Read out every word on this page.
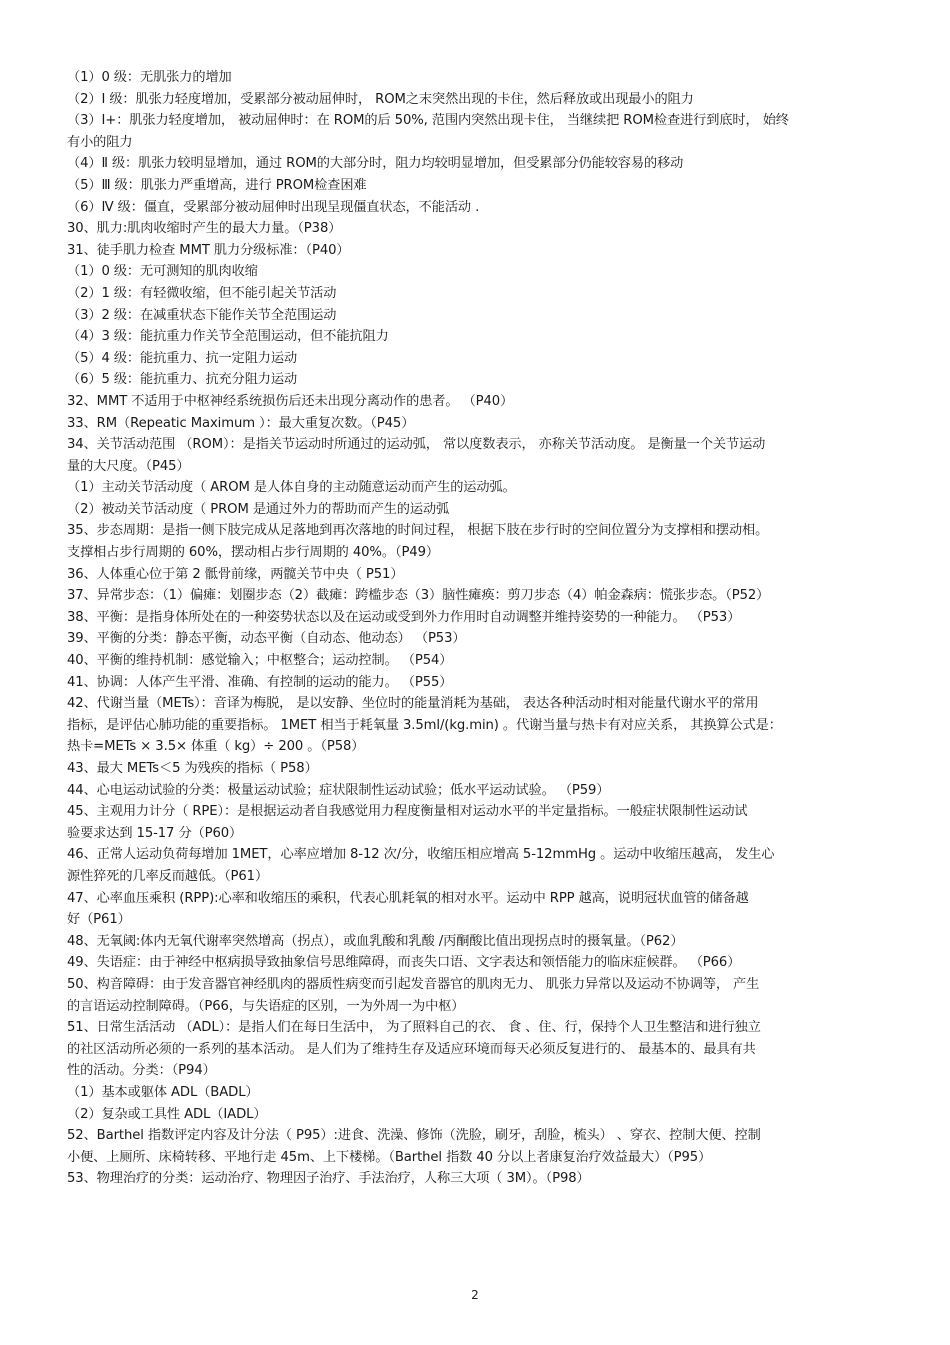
（1）0 级：无肌张力的增加
（2）Ⅰ 级：肌张力轻度增加，受累部分被动屈伸时， ROM之末突然出现的卡住，然后释放或出现最小的阻力
（3）Ⅰ+：肌张力轻度增加， 被动屈伸时：在 ROM的后 50%, 范围内突然出现卡住， 当继续把 ROM检查进行到底时， 始终
有小的阻力
（4）Ⅱ 级：肌张力较明显增加，通过 ROM的大部分时，阻力均较明显增加，但受累部分仍能较容易的移动
（5）Ⅲ 级：肌张力严重增高，进行 PROM检查困难
（6）Ⅳ 级：僵直，受累部分被动屈伸时出现呈现僵直状态，不能活动 .
30、肌力:肌肉收缩时产生的最大力量。（P38）
31、徒手肌力检查 MMT 肌力分级标准：（P40）
（1）0 级：无可测知的肌肉收缩
（2）1 级：有轻微收缩，但不能引起关节活动
（3）2 级：在减重状态下能作关节全范围运动
（4）3 级：能抗重力作关节全范围运动，但不能抗阻力
（5）4 级：能抗重力、抗一定阻力运动
（6）5 级：能抗重力、抗充分阻力运动
32、MMT 不适用于中枢神经系统损伤后还未出现分离动作的患者。 （P40）
33、RM（Repeatic Maximum ）：最大重复次数。（P45）
34、关节活动范围 （ROM）：是指关节运动时所通过的运动弧， 常以度数表示， 亦称关节活动度。 是衡量一个关节运动
量的大尺度。（P45）
（1）主动关节活动度（ AROM 是人体自身的主动随意运动而产生的运动弧。
（2）被动关节活动度（ PROM 是通过外力的帮助而产生的运动弧
35、步态周期：是指一侧下肢完成从足落地到再次落地的时间过程， 根据下肢在步行时的空间位置分为支撑相和摆动相。
支撑相占步行周期的 60%，摆动相占步行周期的 40%。（P49）
36、人体重心位于第 2 骶骨前缘，两髋关节中央（ P51）
37、异常步态：（1）偏瘫：划圈步态（2）截瘫：跨槛步态（3）脑性瘫痪：剪刀步态（4）帕金森病：慌张步态。（P52）
38、平衡：是指身体所处在的一种姿势状态以及在运动或受到外力作用时自动调整并维持姿势的一种能力。 （P53）
39、平衡的分类：静态平衡，动态平衡（自动态、他动态） （P53）
40、平衡的维持机制：感觉输入；中枢整合；运动控制。 （P54）
41、协调：人体产生平滑、准确、有控制的运动的能力。 （P55）
42、代谢当量（METs）：音译为梅脱， 是以安静、坐位时的能量消耗为基础， 表达各种活动时相对能量代谢水平的常用
指标，是评估心肺功能的重要指标。 1MET 相当于耗氧量 3.5ml/(kg.min) 。代谢当量与热卡有对应关系， 其换算公式是：
热卡=METs × 3.5× 体重（ kg）÷ 200 。（P58）
43、最大 METs＜5 为残疾的指标（ P58）
44、心电运动试验的分类：极量运动试验；症状限制性运动试验；低水平运动试验。 （P59）
45、主观用力计分（ RPE）：是根据运动者自我感觉用力程度衡量相对运动水平的半定量指标。一般症状限制性运动试
验要求达到 15-17 分（P60）
46、正常人运动负荷每增加 1MET，心率应增加 8-12 次/分，收缩压相应增高 5-12mmHg 。运动中收缩压越高， 发生心
源性猝死的几率反而越低。（P61）
47、心率血压乘积 (RPP):心率和收缩压的乘积，代表心肌耗氧的相对水平。运动中 RPP 越高，说明冠状血管的储备越
好（P61）
48、无氧阈:体内无氧代谢率突然增高（拐点），或血乳酸和乳酸 /丙酮酸比值出现拐点时的摄氧量。（P62）
49、失语症：由于神经中枢病损导致抽象信号思维障碍，而丧失口语、文字表达和领悟能力的临床症候群。 （P66）
50、构音障碍：由于发音器官神经肌肉的器质性病变而引起发音器官的肌肉无力、 肌张力异常以及运动不协调等， 产生
的言语运动控制障碍。（P66，与失语症的区别，一为外周一为中枢）
51、日常生活活动 （ADL）：是指人们在每日生活中， 为了照料自己的衣、 食 、住、行，保持个人卫生整洁和进行独立
的社区活动所必须的一系列的基本活动。 是人们为了维持生存及适应环境而每天必须反复进行的、 最基本的、最具有共
性的活动。分类：（P94）
（1）基本或躯体 ADL（BADL）
（2）复杂或工具性 ADL（IADL）
52、Barthel 指数评定内容及计分法（ P95）:进食、洗澡、修饰（洗脸，刷牙，刮脸，梳头） 、穿衣、控制大便、控制
小便、上厕所、床椅转移、平地行走 45m、上下楼梯。（Barthel 指数 40 分以上者康复治疗效益最大）（P95）
53、物理治疗的分类：运动治疗、物理因子治疗、手法治疗，人称三大项（ 3M）。（P98）
2
